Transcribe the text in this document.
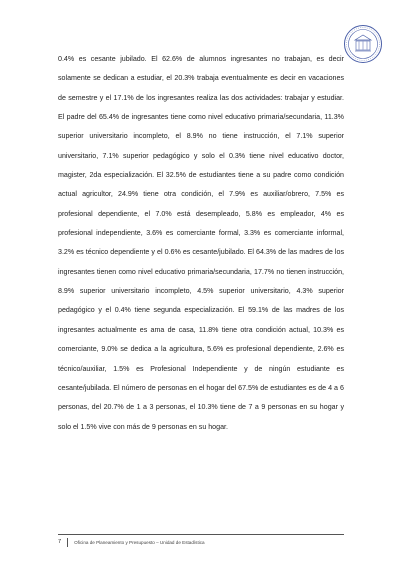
0.4% es cesante jubilado. El 62.6% de alumnos ingresantes no trabajan, es decir solamente se dedican a estudiar, el 20.3% trabaja eventualmente es decir en vacaciones de semestre y el 17.1% de los ingresantes realiza las dos actividades: trabajar y estudiar. El padre del 65.4% de ingresantes tiene como nivel educativo primaria/secundaria, 11.3% superior universitario incompleto, el 8.9% no tiene instrucción, el 7.1% superior universitario, 7.1% superior pedagógico y solo el 0.3% tiene nivel educativo doctor, magister, 2da especialización. El 32.5% de estudiantes tiene a su padre como condición actual agricultor, 24.9% tiene otra condición, el 7.9% es auxiliar/obrero, 7.5% es profesional dependiente, el 7.0% está desempleado, 5.8% es empleador, 4% es profesional independiente, 3.6% es comerciante formal, 3.3% es comerciante informal, 3.2% es técnico dependiente y el 0.6% es cesante/jubilado. El 64.3% de las madres de los ingresantes tienen como nivel educativo primaria/secundaria, 17.7% no tienen instrucción, 8.9% superior universitario incompleto, 4.5% superior universitario, 4.3% superior pedagógico y el 0.4% tiene segunda especialización. El 59.1% de las madres de los ingresantes actualmente es ama de casa, 11.8% tiene otra condición actual, 10.3% es comerciante, 9.0% se dedica a la agricultura, 5.6% es profesional dependiente, 2.6% es técnico/auxiliar, 1.5% es Profesional Independiente y de ningún estudiante es cesante/jubilada. El número de personas en el hogar del 67.5% de estudiantes es de 4 a 6 personas, del 20.7% de 1 a 3 personas, el 10.3% tiene de 7 a 9 personas en su hogar y solo el 1.5% vive con más de 9 personas en su hogar.

7	Oficina de Planeamiento y Presupuesto – Unidad de Estadística
